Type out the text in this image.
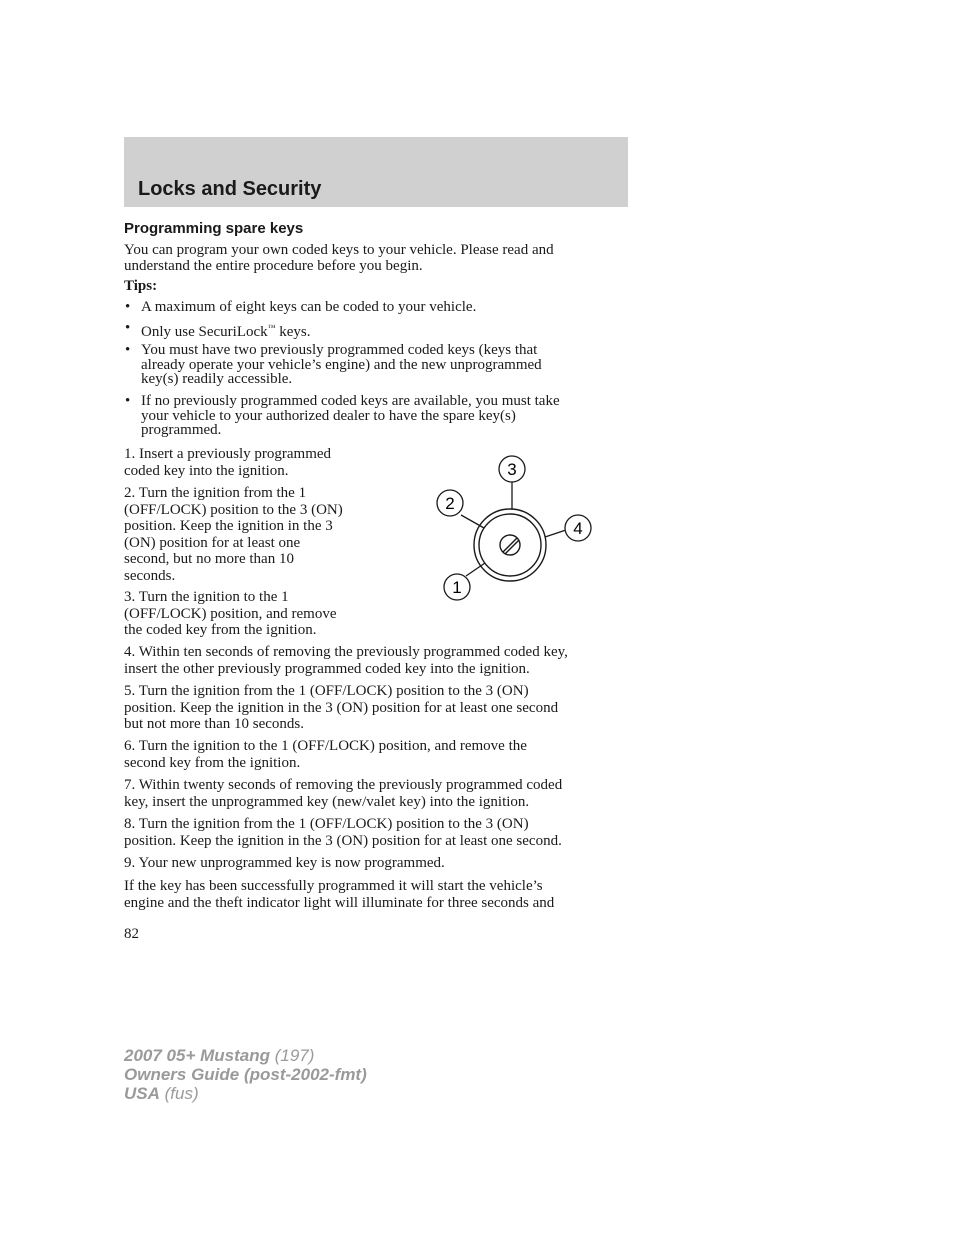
Locks and Security
Programming spare keys

You can program your own coded keys to your vehicle. Please read and
understand the entire procedure before you begin.

Tips:

• A maximum of eight keys can be coded to your vehicle.

• Only use SecuriLock™ keys.

• You must have two previously programmed coded keys (keys that
already operate your vehicle’s engine) and the new unprogrammed
key(s) readily accessible.

• If no previously programmed coded keys are available, you must take
your vehicle to your authorized dealer to have the spare key(s)
programmed.

1. Insert a previously programmed
coded key into the ignition.

2. Turn the ignition from the 1
(OFF/LOCK) position to the 3 (ON)
position. Keep the ignition in the 3
(ON) position for at least one
second, but no more than 10
seconds.

3. Turn the ignition to the 1
(OFF/LOCK) position, and remove
the coded key from the ignition.

3
2
4
1

4. Within ten seconds of removing the previously programmed coded key,
insert the other previously programmed coded key into the ignition.

5. Turn the ignition from the 1 (OFF/LOCK) position to the 3 (ON)
position. Keep the ignition in the 3 (ON) position for at least one second
but not more than 10 seconds.

6. Turn the ignition to the 1 (OFF/LOCK) position, and remove the
second key from the ignition.

7. Within twenty seconds of removing the previously programmed coded
key, insert the unprogrammed key (new/valet key) into the ignition.

8. Turn the ignition from the 1 (OFF/LOCK) position to the 3 (ON)
position. Keep the ignition in the 3 (ON) position for at least one second.

9. Your new unprogrammed key is now programmed.

If the key has been successfully programmed it will start the vehicle’s
engine and the theft indicator light will illuminate for three seconds and

82

2007 05+ Mustang (197)
Owners Guide (post-2002-fmt)
USA (fus)
